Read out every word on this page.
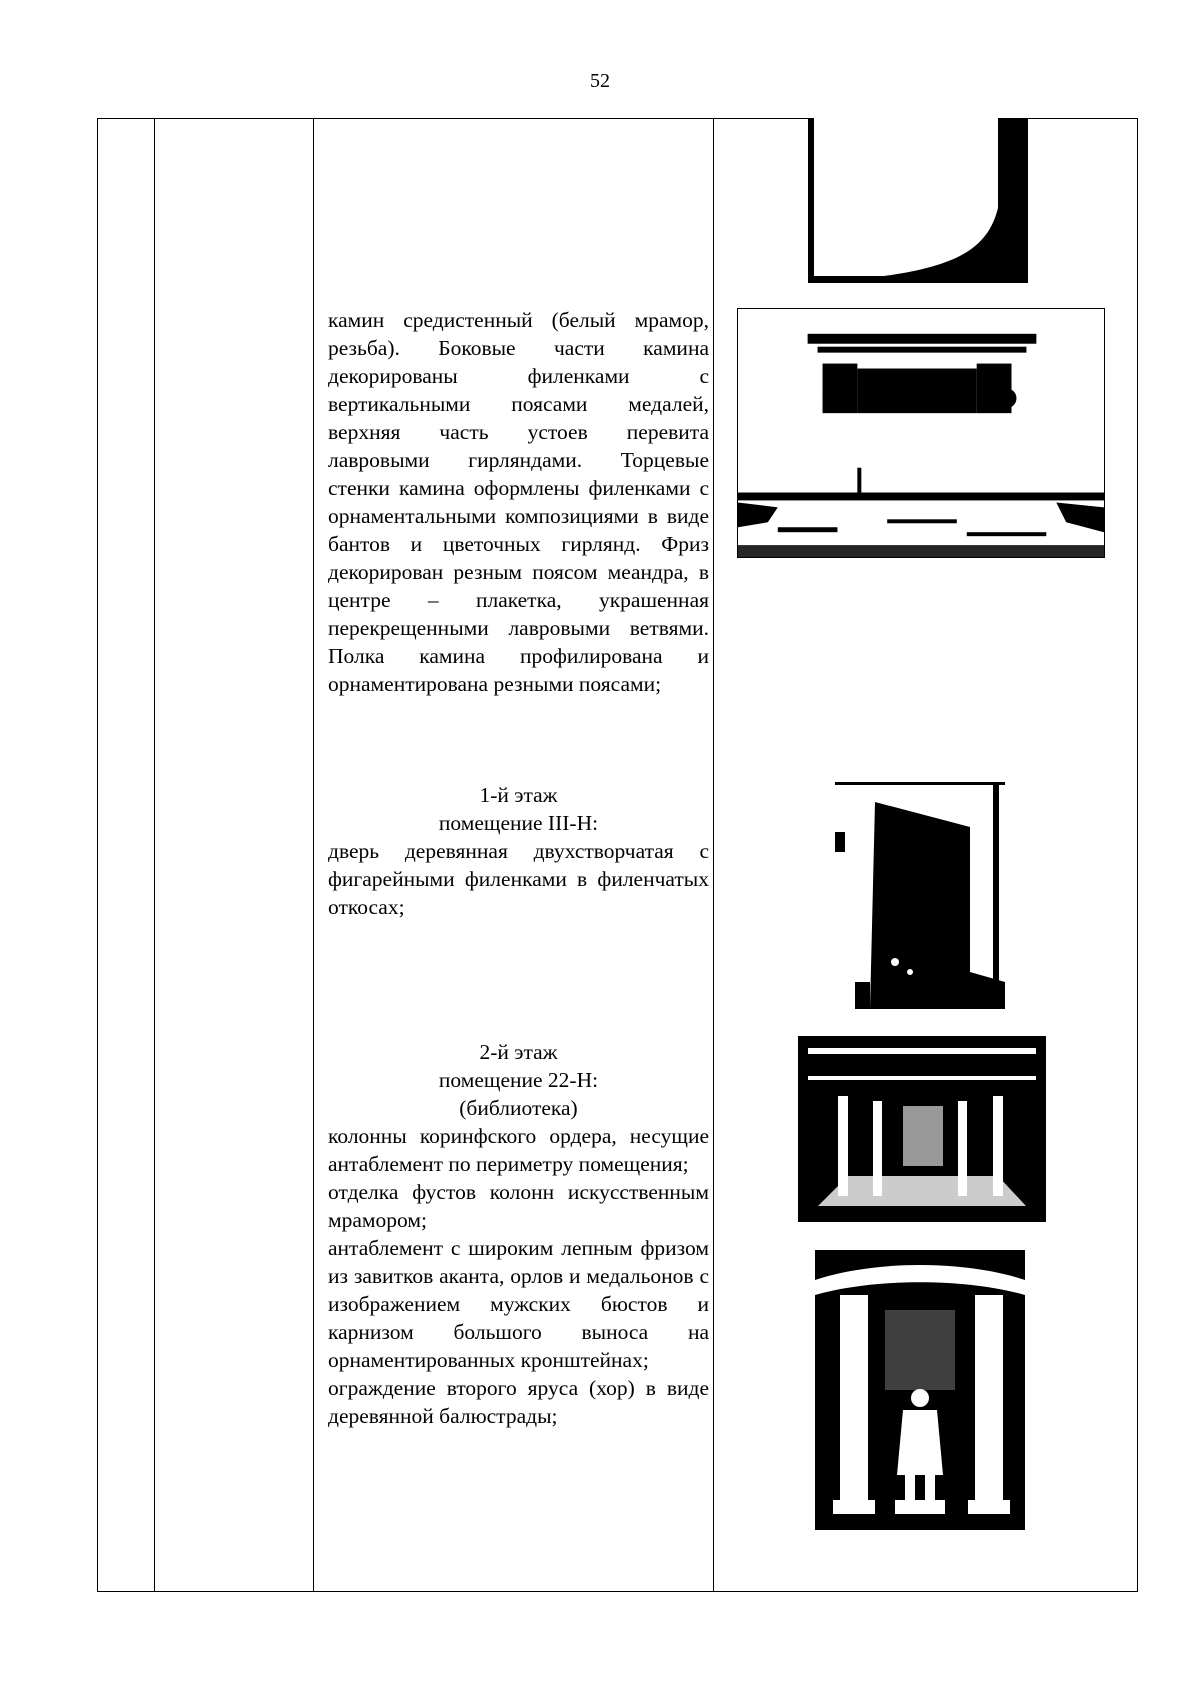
52

камин средистенный (белый мрамор, резьба). Боковые части камина декорированы филенками с вертикальными поясами медалей, верхняя часть устоев перевита лавровыми гирляндами. Торцевые стенки камина оформлены филенками с орнаментальными композициями в виде бантов и цветочных гирлянд. Фриз декорирован резным поясом меандра, в центре – плакетка, украшенная перекрещенными лавровыми ветвями. Полка камина профилирована и орнаментирована резными поясами;

1-й этаж
помещение III-Н:

дверь деревянная двухстворчатая с фигарейными филенками в филенчатых откосах;

2-й этаж
помещение 22-Н:
(библиотека)

колонны коринфского ордера, несущие антаблемент по периметру помещения;

отделка фустов колонн искусственным мрамором;

антаблемент с широким лепным фризом из завитков аканта, орлов и медальонов с изображением мужских бюстов и карнизом большого выноса на орнаментированных кронштейнах;

ограждение второго яруса (хор) в виде деревянной балюстрады;
